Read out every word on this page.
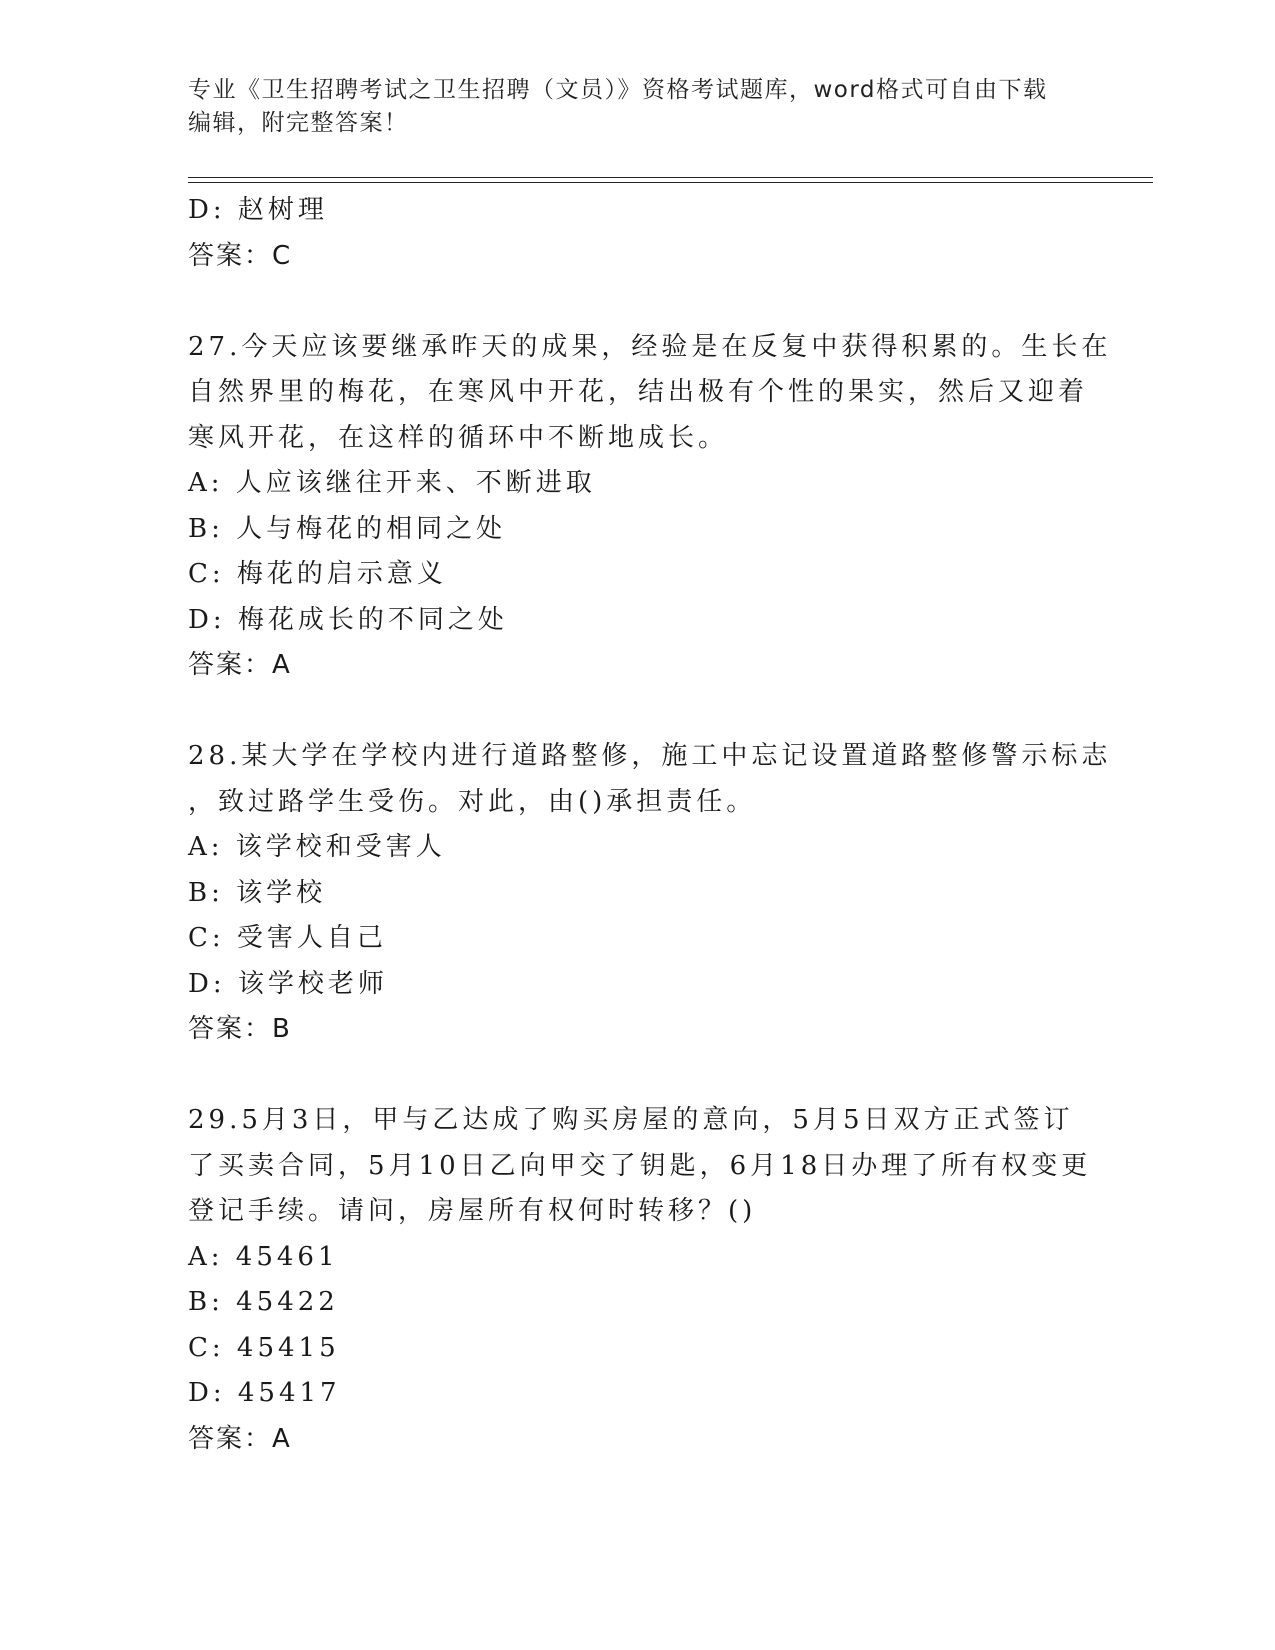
专业《卫生招聘考试之卫生招聘（文员）》资格考试题库，word格式可自由下载
编辑，附完整答案！
D: 赵树理
答案：C
27.今天应该要继承昨天的成果，经验是在反复中获得积累的。生长在
自然界里的梅花，在寒风中开花，结出极有个性的果实，然后又迎着
寒风开花，在这样的循环中不断地成长。
A: 人应该继往开来、不断进取
B: 人与梅花的相同之处
C: 梅花的启示意义
D: 梅花成长的不同之处
答案：A
28.某大学在学校内进行道路整修，施工中忘记设置道路整修警示标志
，致过路学生受伤。对此，由()承担责任。
A: 该学校和受害人
B: 该学校
C: 受害人自己
D: 该学校老师
答案：B
29.5月3日，甲与乙达成了购买房屋的意向，5月5日双方正式签订
了买卖合同，5月10日乙向甲交了钥匙，6月18日办理了所有权变更
登记手续。请问，房屋所有权何时转移？()
A: 45461
B: 45422
C: 45415
D: 45417
答案：A
